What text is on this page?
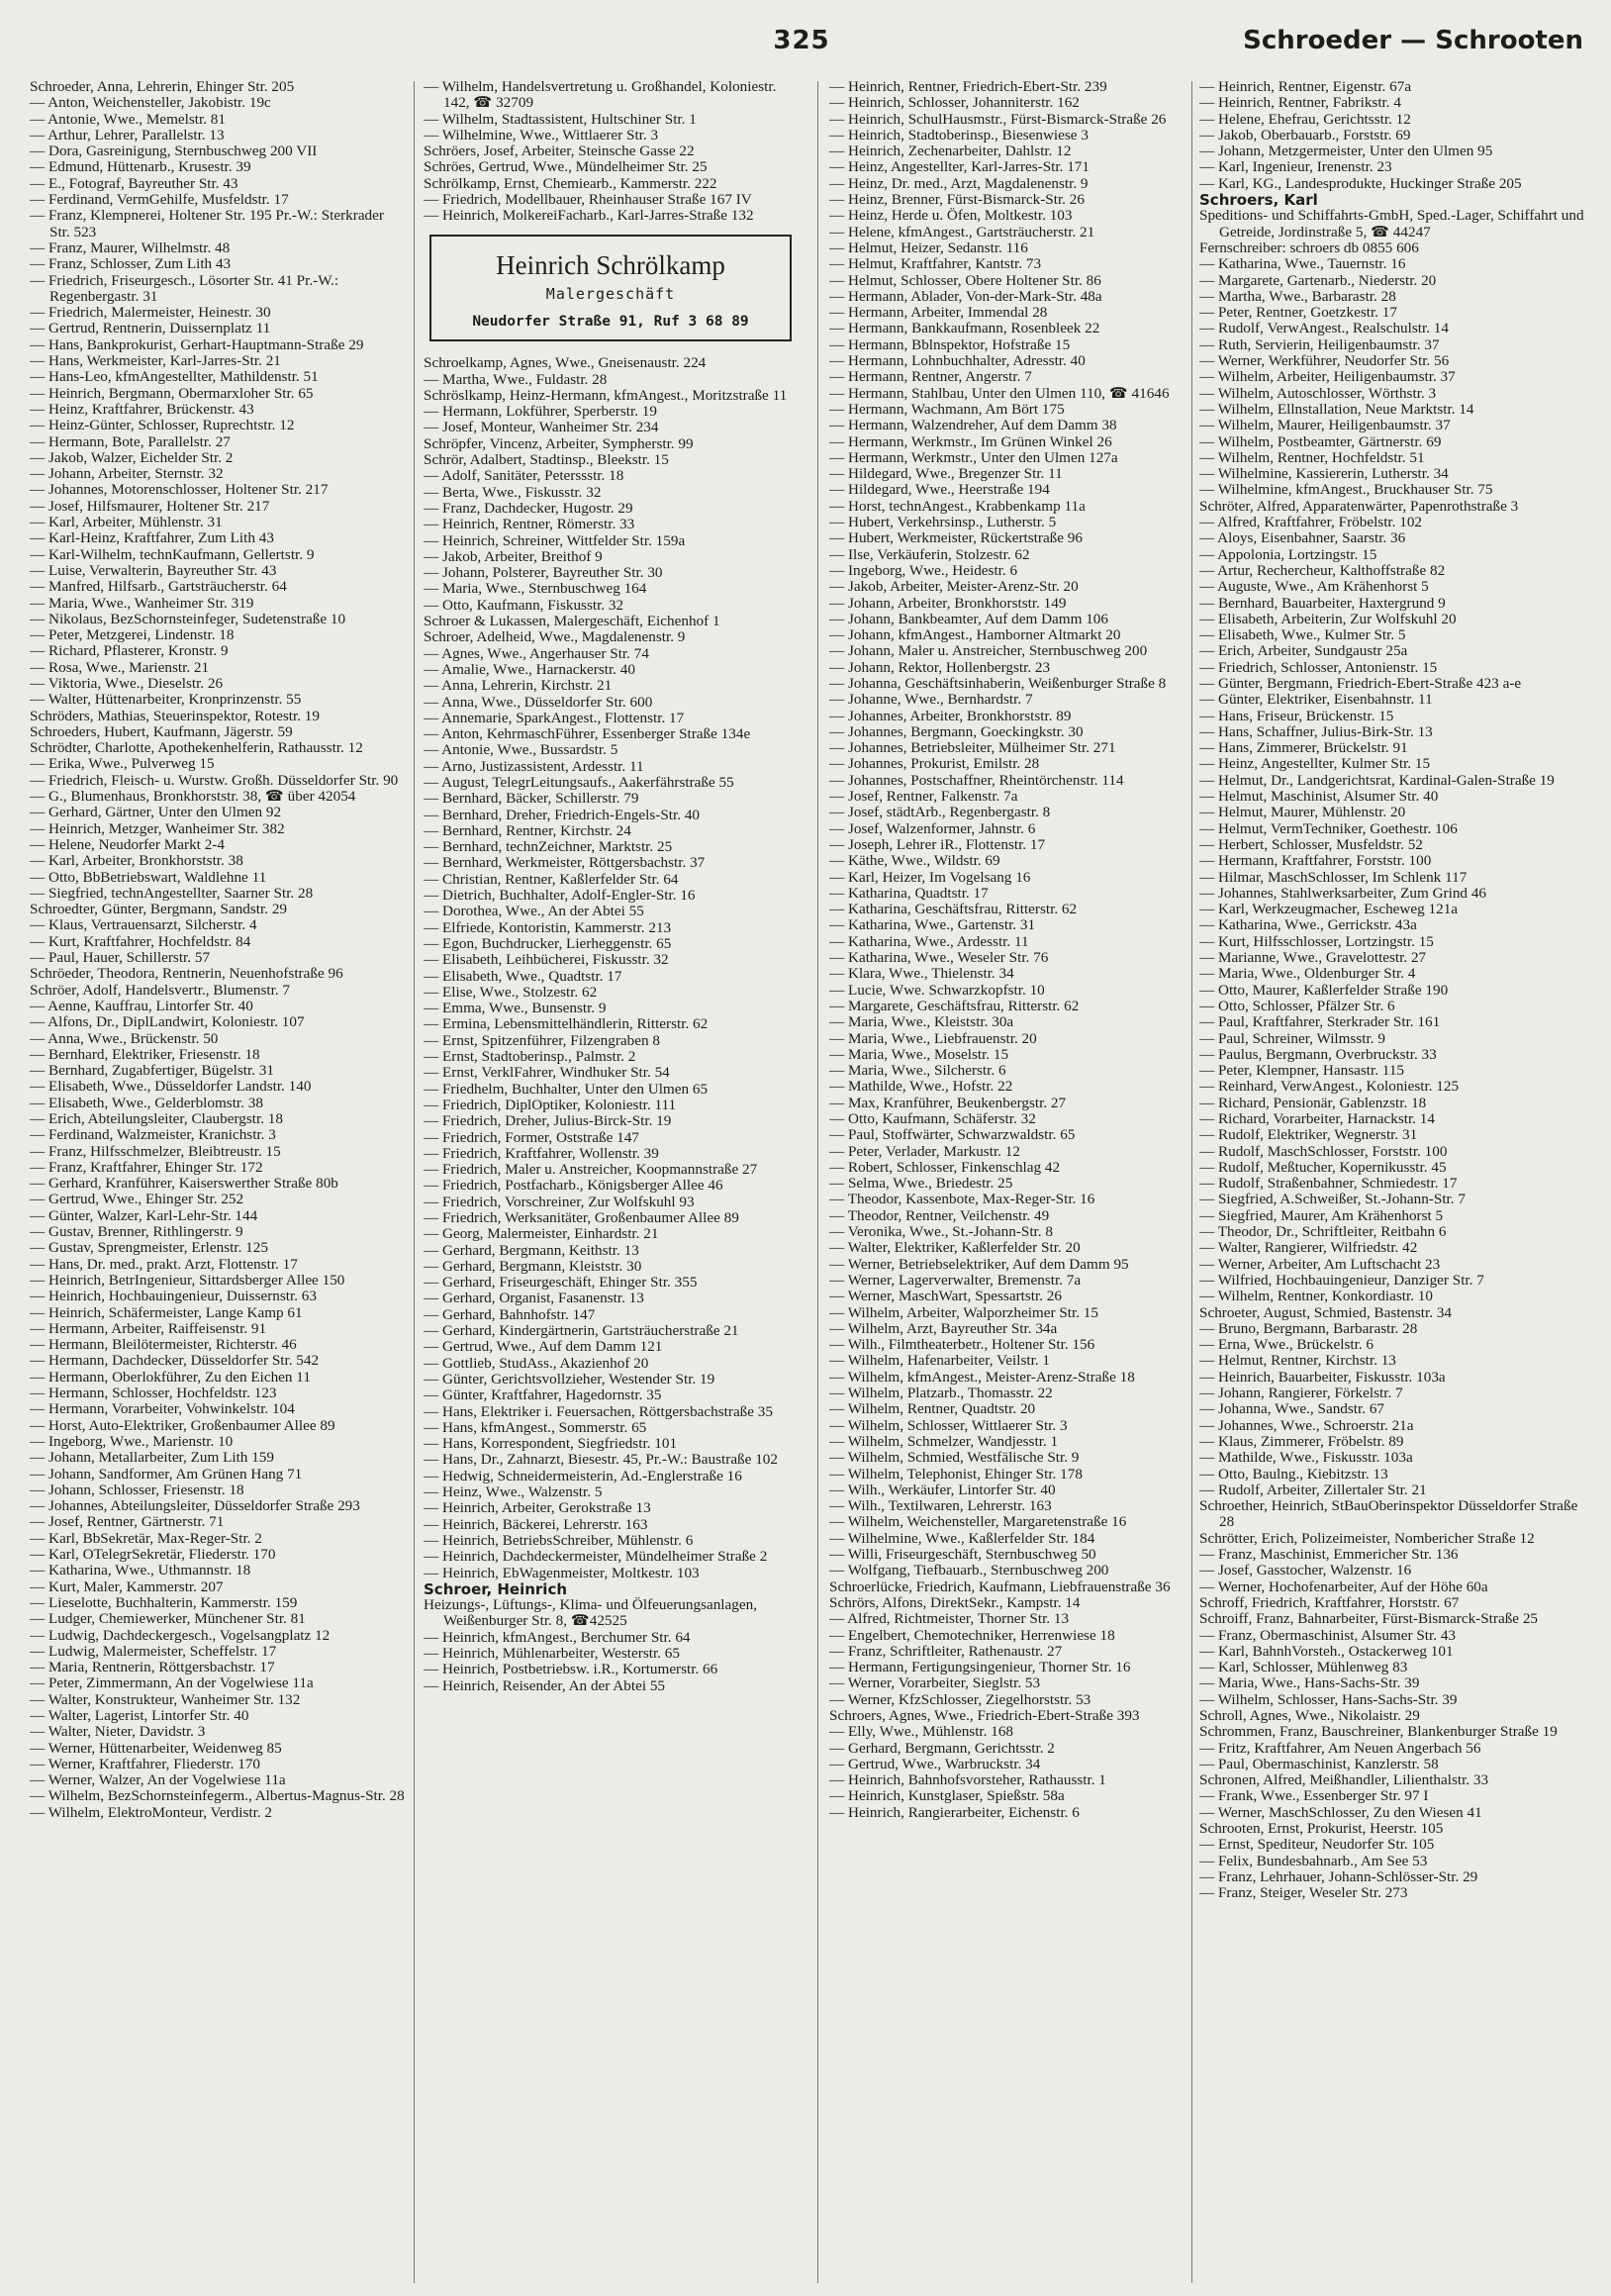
325	Schroeder — Schrooten

Schroeder, Anna, Lehrerin, Ehinger Str. 205

— Anton, Weichensteller, Jakobistr. 19c

— Antonie, Wwe., Memelstr. 81

— Arthur, Lehrer, Parallelstr. 13

— Dora, Gasreinigung, Sternbuschweg 200 VII

— Edmund, Hüttenarb., Krusestr. 39

— E., Fotograf, Bayreuther Str. 43

— Ferdinand, VermGehilfe, Musfeldstr. 17

— Franz, Klempnerei, Holtener Str. 195 Pr.-W.: Sterkrader Str. 523

— Franz, Maurer, Wilhelmstr. 48

— Franz, Schlosser, Zum Lith 43

— Friedrich, Friseurgesch., Lösorter Str. 41 Pr.-W.: Regenbergastr. 31

— Friedrich, Malermeister, Heinestr. 30

— Gertrud, Rentnerin, Duissernplatz 11

— Hans, Bankprokurist, Gerhart-Hauptmann-Straße 29

— Hans, Werkmeister, Karl-Jarres-Str. 21

— Hans-Leo, kfmAngestellter, Mathildenstr. 51

— Heinrich, Bergmann, Obermarxloher Str. 65

— Heinz, Kraftfahrer, Brückenstr. 43

— Heinz-Günter, Schlosser, Ruprechtstr. 12

— Hermann, Bote, Parallelstr. 27

— Jakob, Walzer, Eichelder Str. 2

— Johann, Arbeiter, Sternstr. 32

— Johannes, Motorenschlosser, Holtener Str. 217

— Josef, Hilfsmaurer, Holtener Str. 217

— Karl, Arbeiter, Mühlenstr. 31

— Karl-Heinz, Kraftfahrer, Zum Lith 43

— Karl-Wilhelm, technKaufmann, Gellertstr. 9

— Luise, Verwalterin, Bayreuther Str. 43

— Manfred, Hilfsarb., Gartsträucherstr. 64

— Maria, Wwe., Wanheimer Str. 319

— Nikolaus, BezSchornsteinfeger, Sudetenstraße 10

— Peter, Metzgerei, Lindenstr. 18

— Richard, Pflasterer, Kronstr. 9

— Rosa, Wwe., Marienstr. 21

— Viktoria, Wwe., Dieselstr. 26

— Walter, Hüttenarbeiter, Kronprinzenstr. 55

Schröders, Mathias, Steuerinspektor, Rotestr. 19

Schroeders, Hubert, Kaufmann, Jägerstr. 59

Schrödter, Charlotte, Apothekenhelferin, Rathausstr. 12

— Erika, Wwe., Pulverweg 15

— Friedrich, Fleisch- u. Wurstw. Großh. Düsseldorfer Str. 90

— G., Blumenhaus, Bronkhorststr. 38, ☎ über 42054

— Gerhard, Gärtner, Unter den Ulmen 92

— Heinrich, Metzger, Wanheimer Str. 382

— Helene, Neudorfer Markt 2-4

— Karl, Arbeiter, Bronkhorststr. 38

— Otto, BbBetriebswart, Waldlehne 11

— Siegfried, technAngestellter, Saarner Str. 28

Schroedter, Günter, Bergmann, Sandstr. 29

— Klaus, Vertrauensarzt, Silcherstr. 4

— Kurt, Kraftfahrer, Hochfeldstr. 84

— Paul, Hauer, Schillerstr. 57

Schröeder, Theodora, Rentnerin, Neuenhofstraße 96

Schröer, Adolf, Handelsvertr., Blumenstr. 7

— Aenne, Kauffrau, Lintorfer Str. 40

— Alfons, Dr., DiplLandwirt, Koloniestr. 107

— Anna, Wwe., Brückenstr. 50

— Bernhard, Elektriker, Friesenstr. 18

— Bernhard, Zugabfertiger, Bügelstr. 31

— Elisabeth, Wwe., Düsseldorfer Landstr. 140

— Elisabeth, Wwe., Gelderblomstr. 38

— Erich, Abteilungsleiter, Claubergstr. 18

— Ferdinand, Walzmeister, Kranichstr. 3

— Franz, Hilfsschmelzer, Bleibtreustr. 15

— Franz, Kraftfahrer, Ehinger Str. 172

— Gerhard, Kranführer, Kaiserswerther Straße 80b

— Gertrud, Wwe., Ehinger Str. 252

— Günter, Walzer, Karl-Lehr-Str. 144

— Gustav, Brenner, Rithlingerstr. 9

— Gustav, Sprengmeister, Erlenstr. 125

— Hans, Dr. med., prakt. Arzt, Flottenstr. 17

— Heinrich, BetrIngenieur, Sittardsberger Allee 150

— Heinrich, Hochbauingenieur, Duissernstr. 63

— Heinrich, Schäfermeister, Lange Kamp 61

— Hermann, Arbeiter, Raiffeisenstr. 91

— Hermann, Bleilötermeister, Richterstr. 46

— Hermann, Dachdecker, Düsseldorfer Str. 542

— Hermann, Oberlokführer, Zu den Eichen 11

— Hermann, Schlosser, Hochfeldstr. 123

— Hermann, Vorarbeiter, Vohwinkelstr. 104

— Horst, Auto-Elektriker, Großenbaumer Allee 89

— Ingeborg, Wwe., Marienstr. 10

— Johann, Metallarbeiter, Zum Lith 159

— Johann, Sandformer, Am Grünen Hang 71

— Johann, Schlosser, Friesenstr. 18

— Johannes, Abteilungsleiter, Düsseldorfer Straße 293

— Josef, Rentner, Gärtnerstr. 71

— Karl, BbSekretär, Max-Reger-Str. 2

— Karl, OTelegrSekretär, Fliederstr. 170

— Katharina, Wwe., Uthmannstr. 18

— Kurt, Maler, Kammerstr. 207

— Lieselotte, Buchhalterin, Kammerstr. 159

— Ludger, Chemiewerker, Münchener Str. 81

— Ludwig, Dachdeckergesch., Vogelsangplatz 12

— Ludwig, Malermeister, Scheffelstr. 17

— Maria, Rentnerin, Röttgersbachstr. 17

— Peter, Zimmermann, An der Vogelwiese 11a

— Walter, Konstrukteur, Wanheimer Str. 132

— Walter, Lagerist, Lintorfer Str. 40

— Walter, Nieter, Davidstr. 3

— Werner, Hüttenarbeiter, Weidenweg 85

— Werner, Kraftfahrer, Fliederstr. 170

— Werner, Walzer, An der Vogelwiese 11a

— Wilhelm, BezSchornsteinfegerm., Albertus-Magnus-Str. 28

— Wilhelm, ElektroMonteur, Verdistr. 2

— Wilhelm, Handelsvertretung u. Großhandel, Koloniestr. 142, ☎ 32709

— Wilhelm, Stadtassistent, Hultschiner Str. 1

— Wilhelmine, Wwe., Wittlaerer Str. 3

Schröers, Josef, Arbeiter, Steinsche Gasse 22

Schröes, Gertrud, Wwe., Mündelheimer Str. 25

Schrölkamp, Ernst, Chemiearb., Kammerstr. 222

— Friedrich, Modellbauer, Rheinhauser Straße 167 IV

— Heinrich, MolkereiFacharb., Karl-Jarres-Straße 132

Heinrich Schrölkamp
Malergeschäft
Neudorfer Straße 91, Ruf 3 68 89

Schroelkamp, Agnes, Wwe., Gneisenaustr. 224

— Martha, Wwe., Fuldastr. 28

Schröslkamp, Heinz-Hermann, kfmAngest., Moritzstraße 11

— Hermann, Lokführer, Sperberstr. 19

— Josef, Monteur, Wanheimer Str. 234

Schröpfer, Vincenz, Arbeiter, Sympherstr. 99

Schrör, Adalbert, Stadtinsp., Bleekstr. 15

— Adolf, Sanitäter, Peterssstr. 18

— Berta, Wwe., Fiskusstr. 32

— Franz, Dachdecker, Hugostr. 29

— Heinrich, Rentner, Römerstr. 33

— Heinrich, Schreiner, Wittfelder Str. 159a

— Jakob, Arbeiter, Breithof 9

— Johann, Polsterer, Bayreuther Str. 30

— Maria, Wwe., Sternbuschweg 164

— Otto, Kaufmann, Fiskusstr. 32

Schroer & Lukassen, Malergeschäft, Eichenhof 1

Schroer, Adelheid, Wwe., Magdalenenstr. 9

— Agnes, Wwe., Angerhauser Str. 74

— Amalie, Wwe., Harnackerstr. 40

— Anna, Lehrerin, Kirchstr. 21

— Anna, Wwe., Düsseldorfer Str. 600

— Annemarie, SparkAngest., Flottenstr. 17

— Anton, KehrmaschFührer, Essenberger Straße 134e

— Antonie, Wwe., Bussardstr. 5

— Arno, Justizassistent, Ardesstr. 11

— August, TelegrLeitungsaufs., Aakerfährstraße 55

— Bernhard, Bäcker, Schillerstr. 79

— Bernhard, Dreher, Friedrich-Engels-Str. 40

— Bernhard, Rentner, Kirchstr. 24

— Bernhard, technZeichner, Marktstr. 25

— Bernhard, Werkmeister, Röttgersbachstr. 37

— Christian, Rentner, Kaßlerfelder Str. 64

— Dietrich, Buchhalter, Adolf-Engler-Str. 16

— Dorothea, Wwe., An der Abtei 55

— Elfriede, Kontoristin, Kammerstr. 213

— Egon, Buchdrucker, Lierheggenstr. 65

— Elisabeth, Leihbücherei, Fiskusstr. 32

— Elisabeth, Wwe., Quadtstr. 17

— Elise, Wwe., Stolzestr. 62

— Emma, Wwe., Bunsenstr. 9

— Ermina, Lebensmittelhändlerin, Ritterstr. 62

— Ernst, Spitzenführer, Filzengraben 8

— Ernst, Stadtoberinsp., Palmstr. 2

— Ernst, VerklFahrer, Windhuker Str. 54

— Friedhelm, Buchhalter, Unter den Ulmen 65

— Friedrich, DiplOptiker, Koloniestr. 111

— Friedrich, Dreher, Julius-Birck-Str. 19

— Friedrich, Former, Oststraße 147

— Friedrich, Kraftfahrer, Wollenstr. 39

— Friedrich, Maler u. Anstreicher, Koopmannstraße 27

— Friedrich, Postfacharb., Königsberger Allee 46

— Friedrich, Vorschreiner, Zur Wolfskuhl 93

— Friedrich, Werksanitäter, Großenbaumer Allee 89

— Georg, Malermeister, Einhardstr. 21

— Gerhard, Bergmann, Keithstr. 13

— Gerhard, Bergmann, Kleiststr. 30

— Gerhard, Friseurgeschäft, Ehinger Str. 355

— Gerhard, Organist, Fasanenstr. 13

— Gerhard, Bahnhofstr. 147

— Gerhard, Kindergärtnerin, Gartsträucherstraße 21

— Gertrud, Wwe., Auf dem Damm 121

— Gottlieb, StudAss., Akazienhof 20

— Günter, Gerichtsvollzieher, Westender Str. 19

— Günter, Kraftfahrer, Hagedornstr. 35

— Hans, Elektriker i. Feuersachen, Röttgersbachstraße 35

— Hans, kfmAngest., Sommerstr. 65

— Hans, Korrespondent, Siegfriedstr. 101

— Hans, Dr., Zahnarzt, Biesestr. 45, Pr.-W.: Baustraße 102

— Hedwig, Schneidermeisterin, Ad.-Englerstraße 16

— Heinz, Wwe., Walzenstr. 5

— Heinrich, Arbeiter, Gerokstraße 13

— Heinrich, Bäckerei, Lehrerstr. 163

— Heinrich, BetriebsSchreiber, Mühlenstr. 6

— Heinrich, Dachdeckermeister, Mündelheimer Straße 2

— Heinrich, EbWagenmeister, Moltkestr. 103

Schroer, Heinrich

Heizungs-, Lüftungs-, Klima- und Ölfeuerungsanlagen, Weißenburger Str. 8, ☎42525

— Heinrich, kfmAngest., Berchumer Str. 64

— Heinrich, Mühlenarbeiter, Westerstr. 65

— Heinrich, Postbetriebsw. i.R., Kortumerstr. 66

— Heinrich, Reisender, An der Abtei 55

— Heinrich, Rentner, Friedrich-Ebert-Str. 239

— Heinrich, Schlosser, Johanniterstr. 162

— Heinrich, SchulHausmstr., Fürst-Bismarck-Straße 26

— Heinrich, Stadtoberinsp., Biesenwiese 3

— Heinrich, Zechenarbeiter, Dahlstr. 12

— Heinz, Angestellter, Karl-Jarres-Str. 171

— Heinz, Dr. med., Arzt, Magdalenenstr. 9

— Heinz, Brenner, Fürst-Bismarck-Str. 26

— Heinz, Herde u. Öfen, Moltkestr. 103

— Helene, kfmAngest., Gartsträucherstr. 21

— Helmut, Heizer, Sedanstr. 116

— Helmut, Kraftfahrer, Kantstr. 73

— Helmut, Schlosser, Obere Holtener Str. 86

— Hermann, Ablader, Von-der-Mark-Str. 48a

— Hermann, Arbeiter, Immendal 28

— Hermann, Bankkaufmann, Rosenbleek 22

— Hermann, Bblnspektor, Hofstraße 15

— Hermann, Lohnbuchhalter, Adresstr. 40

— Hermann, Rentner, Angerstr. 7

— Hermann, Stahlbau, Unter den Ulmen 110, ☎ 41646

— Hermann, Wachmann, Am Bört 175

— Hermann, Walzendreher, Auf dem Damm 38

— Hermann, Werkmstr., Im Grünen Winkel 26

— Hermann, Werkmstr., Unter den Ulmen 127a

— Hildegard, Wwe., Bregenzer Str. 11

— Hildegard, Wwe., Heerstraße 194

— Horst, technAngest., Krabbenkamp 11a

— Hubert, Verkehrsinsp., Lutherstr. 5

— Hubert, Werkmeister, Rückertstraße 96

— Ilse, Verkäuferin, Stolzestr. 62

— Ingeborg, Wwe., Heidestr. 6

— Jakob, Arbeiter, Meister-Arenz-Str. 20

— Johann, Arbeiter, Bronkhorststr. 149

— Johann, Bankbeamter, Auf dem Damm 106

— Johann, kfmAngest., Hamborner Altmarkt 20

— Johann, Maler u. Anstreicher, Sternbuschweg 200

— Johann, Rektor, Hollenbergstr. 23

— Johanna, Geschäftsinhaberin, Weißenburger Straße 8

— Johanne, Wwe., Bernhardstr. 7

— Johannes, Arbeiter, Bronkhorststr. 89

— Johannes, Bergmann, Goeckingkstr. 30

— Johannes, Betriebsleiter, Mülheimer Str. 271

— Johannes, Prokurist, Emilstr. 28

— Johannes, Postschaffner, Rheintörchenstr. 114

— Josef, Rentner, Falkenstr. 7a

— Josef, städtArb., Regenbergastr. 8

— Josef, Walzenformer, Jahnstr. 6

— Joseph, Lehrer iR., Flottenstr. 17

— Käthe, Wwe., Wildstr. 69

— Karl, Heizer, Im Vogelsang 16

— Katharina, Quadtstr. 17

— Katharina, Geschäftsfrau, Ritterstr. 62

— Katharina, Wwe., Gartenstr. 31

— Katharina, Wwe., Ardesstr. 11

— Katharina, Wwe., Weseler Str. 76

— Klara, Wwe., Thielenstr. 34

— Lucie, Wwe. Schwarzkopfstr. 10

— Margarete, Geschäftsfrau, Ritterstr. 62

— Maria, Wwe., Kleiststr. 30a

— Maria, Wwe., Liebfrauenstr. 20

— Maria, Wwe., Moselstr. 15

— Maria, Wwe., Silcherstr. 6

— Mathilde, Wwe., Hofstr. 22

— Max, Kranführer, Beukenbergstr. 27

— Otto, Kaufmann, Schäferstr. 32

— Paul, Stoffwärter, Schwarzwaldstr. 65

— Peter, Verlader, Markustr. 12

— Robert, Schlosser, Finkenschlag 42

— Selma, Wwe., Briedestr. 25

— Theodor, Kassenbote, Max-Reger-Str. 16

— Theodor, Rentner, Veilchenstr. 49

— Veronika, Wwe., St.-Johann-Str. 8

— Walter, Elektriker, Kaßlerfelder Str. 20

— Werner, Betriebselektriker, Auf dem Damm 95

— Werner, Lagerverwalter, Bremenstr. 7a

— Werner, MaschWart, Spessartstr. 26

— Wilhelm, Arbeiter, Walporzheimer Str. 15

— Wilhelm, Arzt, Bayreuther Str. 34a

— Wilh., Filmtheaterbetr., Holtener Str. 156

— Wilhelm, Hafenarbeiter, Veilstr. 1

— Wilhelm, kfmAngest., Meister-Arenz-Straße 18

— Wilhelm, Platzarb., Thomasstr. 22

— Wilhelm, Rentner, Quadtstr. 20

— Wilhelm, Schlosser, Wittlaerer Str. 3

— Wilhelm, Schmelzer, Wandjesstr. 1

— Wilhelm, Schmied, Westfälische Str. 9

— Wilhelm, Telephonist, Ehinger Str. 178

— Wilh., Werkäufer, Lintorfer Str. 40

— Wilh., Textilwaren, Lehrerstr. 163

— Wilhelm, Weichensteller, Margaretenstraße 16

— Wilhelmine, Wwe., Kaßlerfelder Str. 184

— Willi, Friseurgeschäft, Sternbuschweg 50

— Wolfgang, Tiefbauarb., Sternbuschweg 200

Schroerlücke, Friedrich, Kaufmann, Liebfrauenstraße 36

Schrörs, Alfons, DirektSekr., Kampstr. 14

— Alfred, Richtmeister, Thorner Str. 13

— Engelbert, Chemotechniker, Herrenwiese 18

— Franz, Schriftleiter, Rathenaustr. 27

— Hermann, Fertigungsingenieur, Thorner Str. 16

— Werner, Vorarbeiter, Sieglstr. 53

— Werner, KfzSchlosser, Ziegelhorststr. 53

Schroers, Agnes, Wwe., Friedrich-Ebert-Straße 393

— Elly, Wwe., Mühlenstr. 168

— Gerhard, Bergmann, Gerichtsstr. 2

— Gertrud, Wwe., Warbruckstr. 34

— Heinrich, Bahnhofsvorsteher, Rathausstr. 1

— Heinrich, Kunstglaser, Spießstr. 58a

— Heinrich, Rangierarbeiter, Eichenstr. 6

— Heinrich, Rentner, Eigenstr. 67a

— Heinrich, Rentner, Fabrikstr. 4

— Helene, Ehefrau, Gerichtsstr. 12

— Jakob, Oberbauarb., Forststr. 69

— Johann, Metzgermeister, Unter den Ulmen 95

— Karl, Ingenieur, Irenenstr. 23

— Karl, KG., Landesprodukte, Huckinger Straße 205

Schroers, Karl

Speditions- und Schiffahrts-GmbH, Sped.-Lager, Schiffahrt und Getreide, Jordinstraße 5, ☎ 44247

Fernschreiber: schroers db 0855 606

— Katharina, Wwe., Tauernstr. 16

— Margarete, Gartenarb., Niederstr. 20

— Martha, Wwe., Barbarastr. 28

— Peter, Rentner, Goetzkestr. 17

— Rudolf, VerwAngest., Realschulstr. 14

— Ruth, Servierin, Heiligenbaumstr. 37

— Werner, Werkführer, Neudorfer Str. 56

— Wilhelm, Arbeiter, Heiligenbaumstr. 37

— Wilhelm, Autoschlosser, Wörthstr. 3

— Wilhelm, Ellnstallation, Neue Marktstr. 14

— Wilhelm, Maurer, Heiligenbaumstr. 37

— Wilhelm, Postbeamter, Gärtnerstr. 69

— Wilhelm, Rentner, Hochfeldstr. 51

— Wilhelmine, Kassiererin, Lutherstr. 34

— Wilhelmine, kfmAngest., Bruckhauser Str. 75

Schröter, Alfred, Apparatenwärter, Papenrothstraße 3

— Alfred, Kraftfahrer, Fröbelstr. 102

— Aloys, Eisenbahner, Saarstr. 36

— Appolonia, Lortzingstr. 15

— Artur, Rechercheur, Kalthoffstraße 82

— Auguste, Wwe., Am Krähenhorst 5

— Bernhard, Bauarbeiter, Haxtergrund 9

— Elisabeth, Arbeiterin, Zur Wolfskuhl 20

— Elisabeth, Wwe., Kulmer Str. 5

— Erich, Arbeiter, Sundgaustr 25a

— Friedrich, Schlosser, Antonienstr. 15

— Günter, Bergmann, Friedrich-Ebert-Straße 423 a-e

— Günter, Elektriker, Eisenbahnstr. 11

— Hans, Friseur, Brückenstr. 15

— Hans, Schaffner, Julius-Birk-Str. 13

— Hans, Zimmerer, Brückelstr. 91

— Heinz, Angestellter, Kulmer Str. 15

— Helmut, Dr., Landgerichtsrat, Kardinal-Galen-Straße 19

— Helmut, Maschinist, Alsumer Str. 40

— Helmut, Maurer, Mühlenstr. 20

— Helmut, VermTechniker, Goethestr. 106

— Herbert, Schlosser, Musfeldstr. 52

— Hermann, Kraftfahrer, Forststr. 100

— Hilmar, MaschSchlosser, Im Schlenk 117

— Johannes, Stahlwerksarbeiter, Zum Grind 46

— Karl, Werkzeugmacher, Escheweg 121a

— Katharina, Wwe., Gerrickstr. 43a

— Kurt, Hilfsschlosser, Lortzingstr. 15

— Marianne, Wwe., Gravelottestr. 27

— Maria, Wwe., Oldenburger Str. 4

— Otto, Maurer, Kaßlerfelder Straße 190

— Otto, Schlosser, Pfälzer Str. 6

— Paul, Kraftfahrer, Sterkrader Str. 161

— Paul, Schreiner, Wilmsstr. 9

— Paulus, Bergmann, Overbruckstr. 33

— Peter, Klempner, Hansastr. 115

— Reinhard, VerwAngest., Koloniestr. 125

— Richard, Pensionär, Gablenzstr. 18

— Richard, Vorarbeiter, Harnackstr. 14

— Rudolf, Elektriker, Wegnerstr. 31

— Rudolf, MaschSchlosser, Forststr. 100

— Rudolf, Meßtucher, Kopernikusstr. 45

— Rudolf, Straßenbahner, Schmiedestr. 17

— Siegfried, A.Schweißer, St.-Johann-Str. 7

— Siegfried, Maurer, Am Krähenhorst 5

— Theodor, Dr., Schriftleiter, Reitbahn 6

— Walter, Rangierer, Wilfriedstr. 42

— Werner, Arbeiter, Am Luftschacht 23

— Wilfried, Hochbauingenieur, Danziger Str. 7

— Wilhelm, Rentner, Konkordiastr. 10

Schroeter, August, Schmied, Bastenstr. 34

— Bruno, Bergmann, Barbarastr. 28

— Erna, Wwe., Brückelstr. 6

— Helmut, Rentner, Kirchstr. 13

— Heinrich, Bauarbeiter, Fiskusstr. 103a

— Johann, Rangierer, Förkelstr. 7

— Johanna, Wwe., Sandstr. 67

— Johannes, Wwe., Schroerstr. 21a

— Klaus, Zimmerer, Fröbelstr. 89

— Mathilde, Wwe., Fiskusstr. 103a

— Otto, Baulng., Kiebitzstr. 13

— Rudolf, Arbeiter, Zillertaler Str. 21

Schroether, Heinrich, StBauOberinspektor Düsseldorfer Straße 28

Schrötter, Erich, Polizeimeister, Nombericher Straße 12

— Franz, Maschinist, Emmericher Str. 136

— Josef, Gasstocher, Walzenstr. 16

— Werner, Hochofenarbeiter, Auf der Höhe 60a

Schroff, Friedrich, Kraftfahrer, Horststr. 67

Schroiff, Franz, Bahnarbeiter, Fürst-Bismarck-Straße 25

— Franz, Obermaschinist, Alsumer Str. 43

— Karl, BahnhVorsteh., Ostackerweg 101

— Karl, Schlosser, Mühlenweg 83

— Maria, Wwe., Hans-Sachs-Str. 39

— Wilhelm, Schlosser, Hans-Sachs-Str. 39

Schroll, Agnes, Wwe., Nikolaistr. 29

Schrommen, Franz, Bauschreiner, Blankenburger Straße 19

— Fritz, Kraftfahrer, Am Neuen Angerbach 56

— Paul, Obermaschinist, Kanzlerstr. 58

Schronen, Alfred, Meißhandler, Lilienthalstr. 33

— Frank, Wwe., Essenberger Str. 97 I

— Werner, MaschSchlosser, Zu den Wiesen 41

Schrooten, Ernst, Prokurist, Heerstr. 105

— Ernst, Spediteur, Neudorfer Str. 105

— Felix, Bundesbahnarb., Am See 53

— Franz, Lehrhauer, Johann-Schlösser-Str. 29

— Franz, Steiger, Weseler Str. 273
